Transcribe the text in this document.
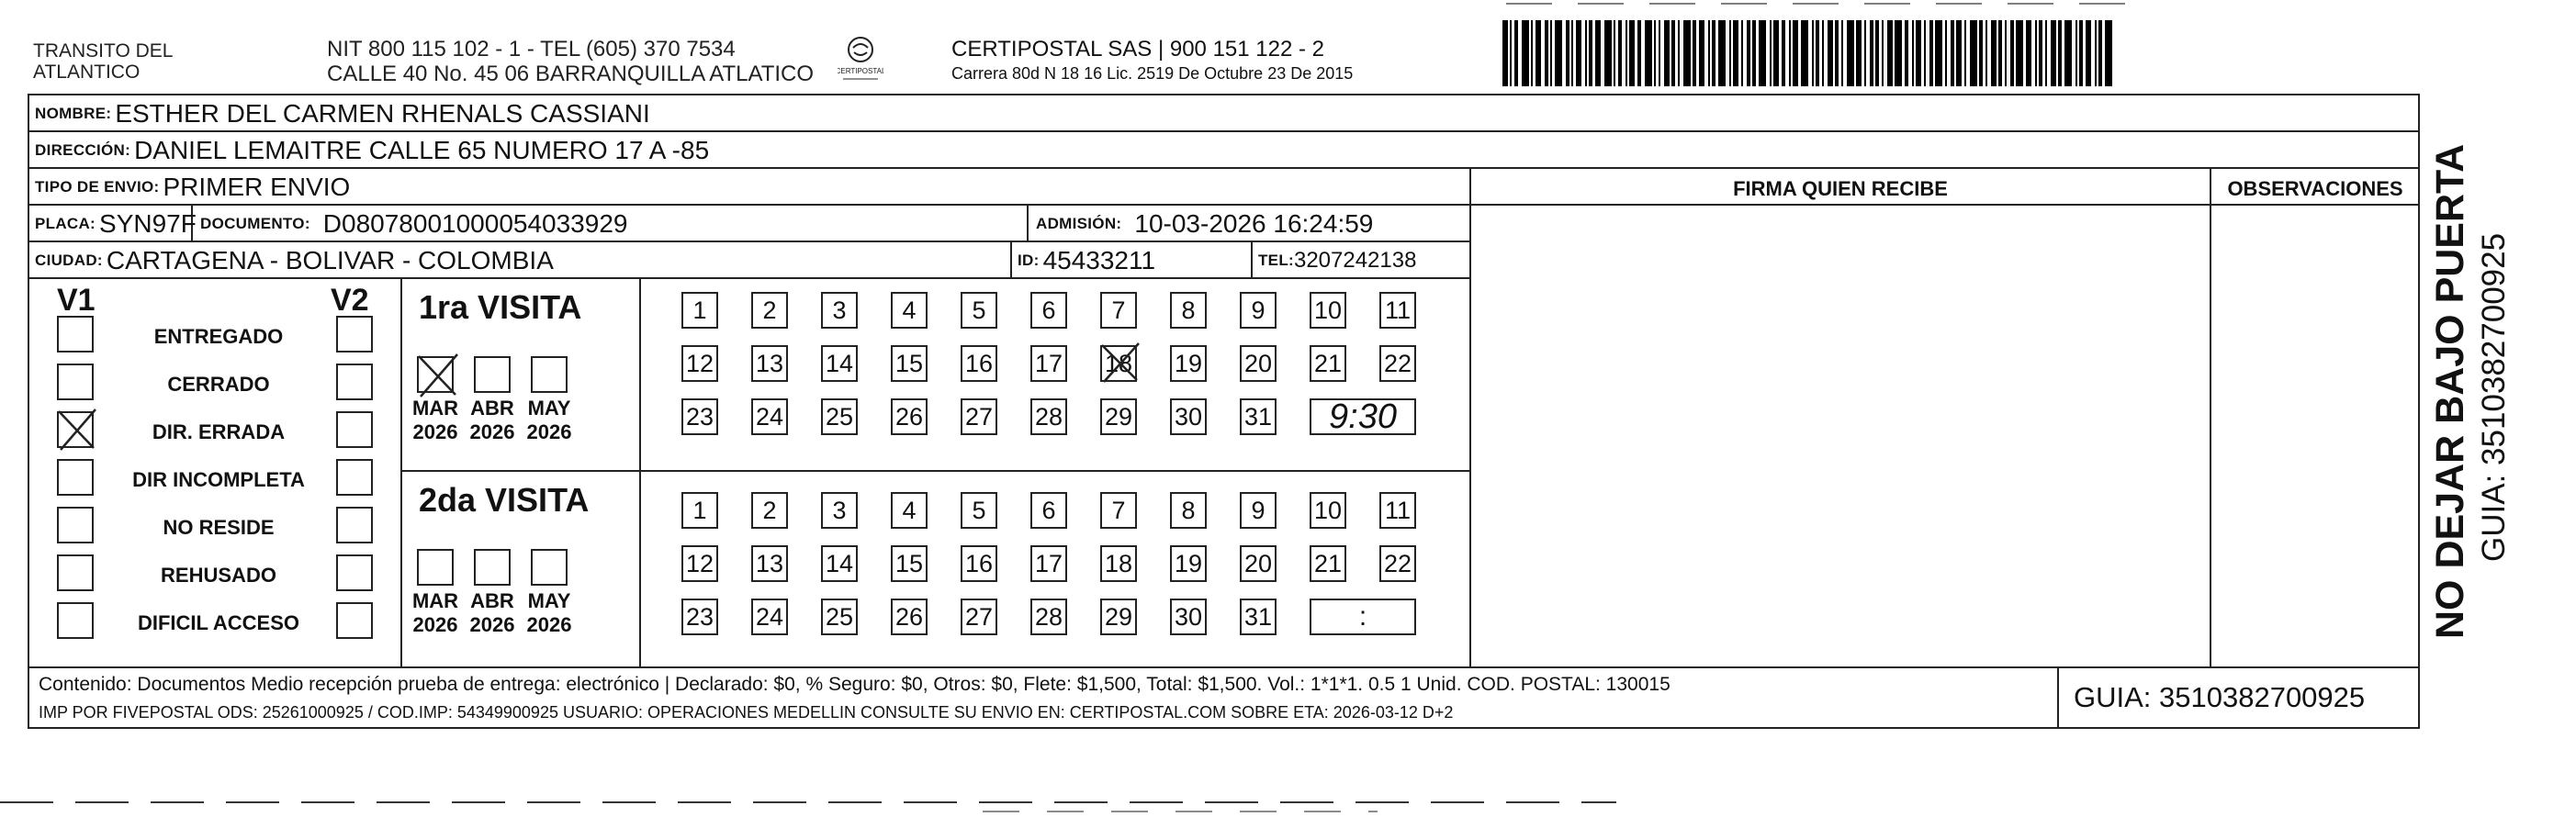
TRANSITO DEL
ATLANTICO
NIT 800 115 102 - 1 - TEL (605) 370 7534
CALLE 40 No. 45 06 BARRANQUILLA ATLATICO	CERTIPOSTAL
CERTIPOSTAL SAS | 900 151 122 - 2
Carrera 80d N 18 16 Lic. 2519 De Octubre 23 De 2015
NOMBRE: ESTHER DEL CARMEN RHENALS CASSIANI
DIRECCIÓN: DANIEL LEMAITRE CALLE 65 NUMERO 17 A -85
TIPO DE ENVIO: PRIMER ENVIO
PLACA: SYN97F DOCUMENTO: D08078001000054033929	ADMISIÓN: 10-03-2026 16:24:59
CIUDAD: CARTAGENA - BOLIVAR - COLOMBIA	ID: 45433211	TEL: 3207242138
FIRMA QUIEN RECIBE	OBSERVACIONES
V1	V2
ENTREGADO
CERRADO
DIR. ERRADA
DIR INCOMPLETA
NO RESIDE
REHUSADO
DIFICIL ACCESO
1ra VISITA
2da VISITA
MAR
2026
ABR
2026
MAY
2026
MAR
2026
ABR
2026
MAY
2026
1	2	3	4	5	6	7	8	9	10 11
12 13 14 15 16 17 18 19 20 21 22
23 24 25 26 27 28 29 30 31	9:30
1	2	3	4	5	6	7	8	9	10 11
12 13 14 15 16 17 18 19 20 21 22
23 24 25 26 27 28 29 30 31	:
Contenido: Documentos Medio recepción prueba de entrega: electrónico | Declarado: $0, % Seguro: $0, Otros: $0, Flete: $1,500, Total: $1,500. Vol.: 1*1*1. 0.5 1 Unid. COD. POSTAL: 130015
IMP POR FIVEPOSTAL ODS: 25261000925 / COD.IMP: 54349900925 USUARIO: OPERACIONES MEDELLIN CONSULTE SU ENVIO EN: CERTIPOSTAL.COM SOBRE ETA: 2026-03-12 D+2	GUIA: 3510382700925
NO DEJAR BAJO PUERTA GUIA: 3510382700925
